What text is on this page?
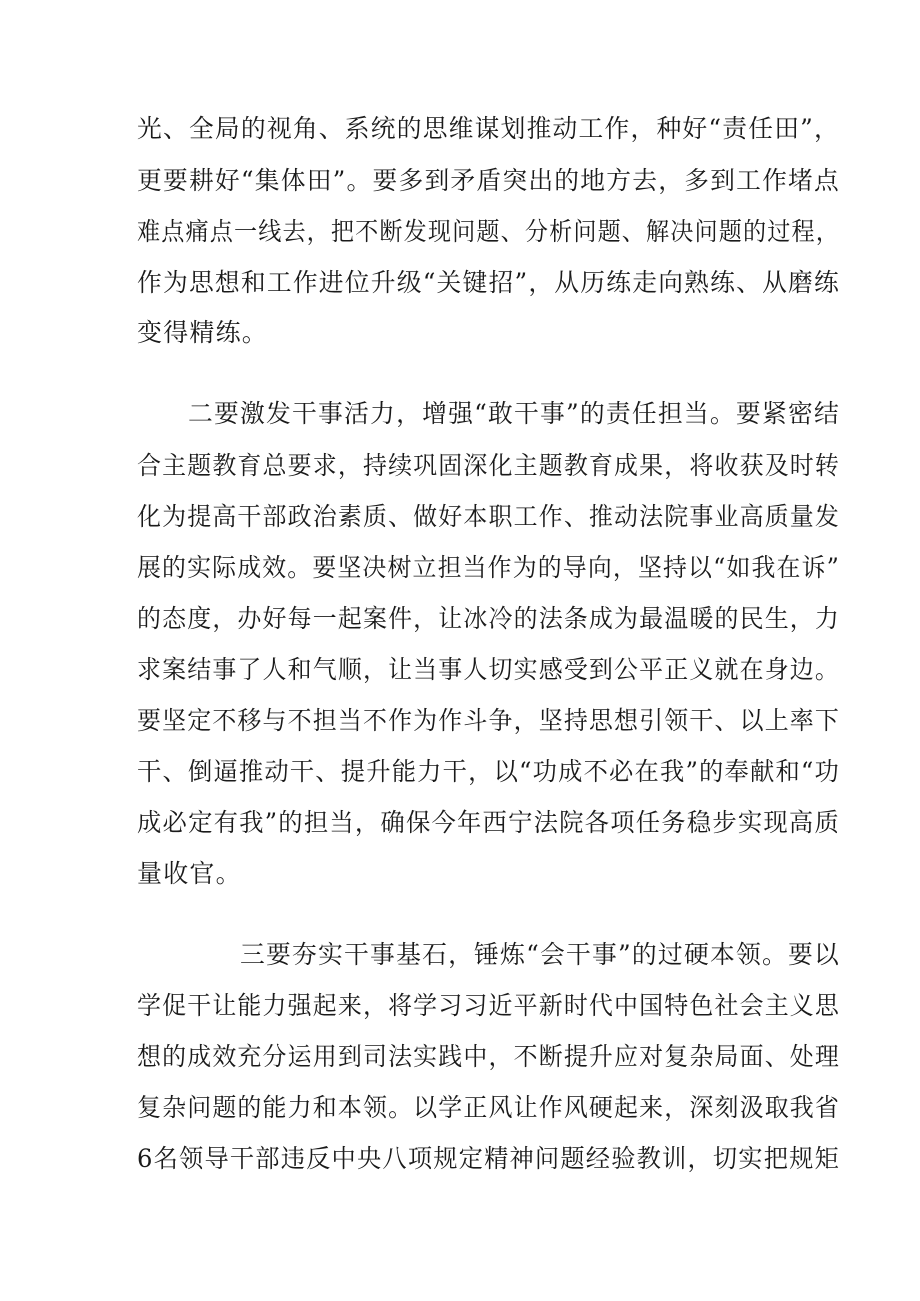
光、全局的视角、系统的思维谋划推动工作，种好“责任田”，
更要耕好“集体田”。要多到矛盾突出的地方去，多到工作堵点
难点痛点一线去，把不断发现问题、分析问题、解决问题的过程，
作为思想和工作进位升级“关键招”，从历练走向熟练、从磨练
变得精练。
二要激发干事活力，增强“敢干事”的责任担当。要紧密结
合主题教育总要求，持续巩固深化主题教育成果，将收获及时转
化为提高干部政治素质、做好本职工作、推动法院事业高质量发
展的实际成效。要坚决树立担当作为的导向，坚持以“如我在诉”
的态度，办好每一起案件，让冰冷的法条成为最温暖的民生，力
求案结事了人和气顺，让当事人切实感受到公平正义就在身边。
要坚定不移与不担当不作为作斗争，坚持思想引领干、以上率下
干、倒逼推动干、提升能力干，以“功成不必在我”的奉献和“功
成必定有我”的担当，确保今年西宁法院各项任务稳步实现高质
量收官。
三要夯实干事基石，锤炼“会干事”的过硬本领。要以
学促干让能力强起来，将学习习近平新时代中国特色社会主义思
想的成效充分运用到司法实践中，不断提升应对复杂局面、处理
复杂问题的能力和本领。以学正风让作风硬起来，深刻汲取我省
6名领导干部违反中央八项规定精神问题经验教训，切实把规矩
